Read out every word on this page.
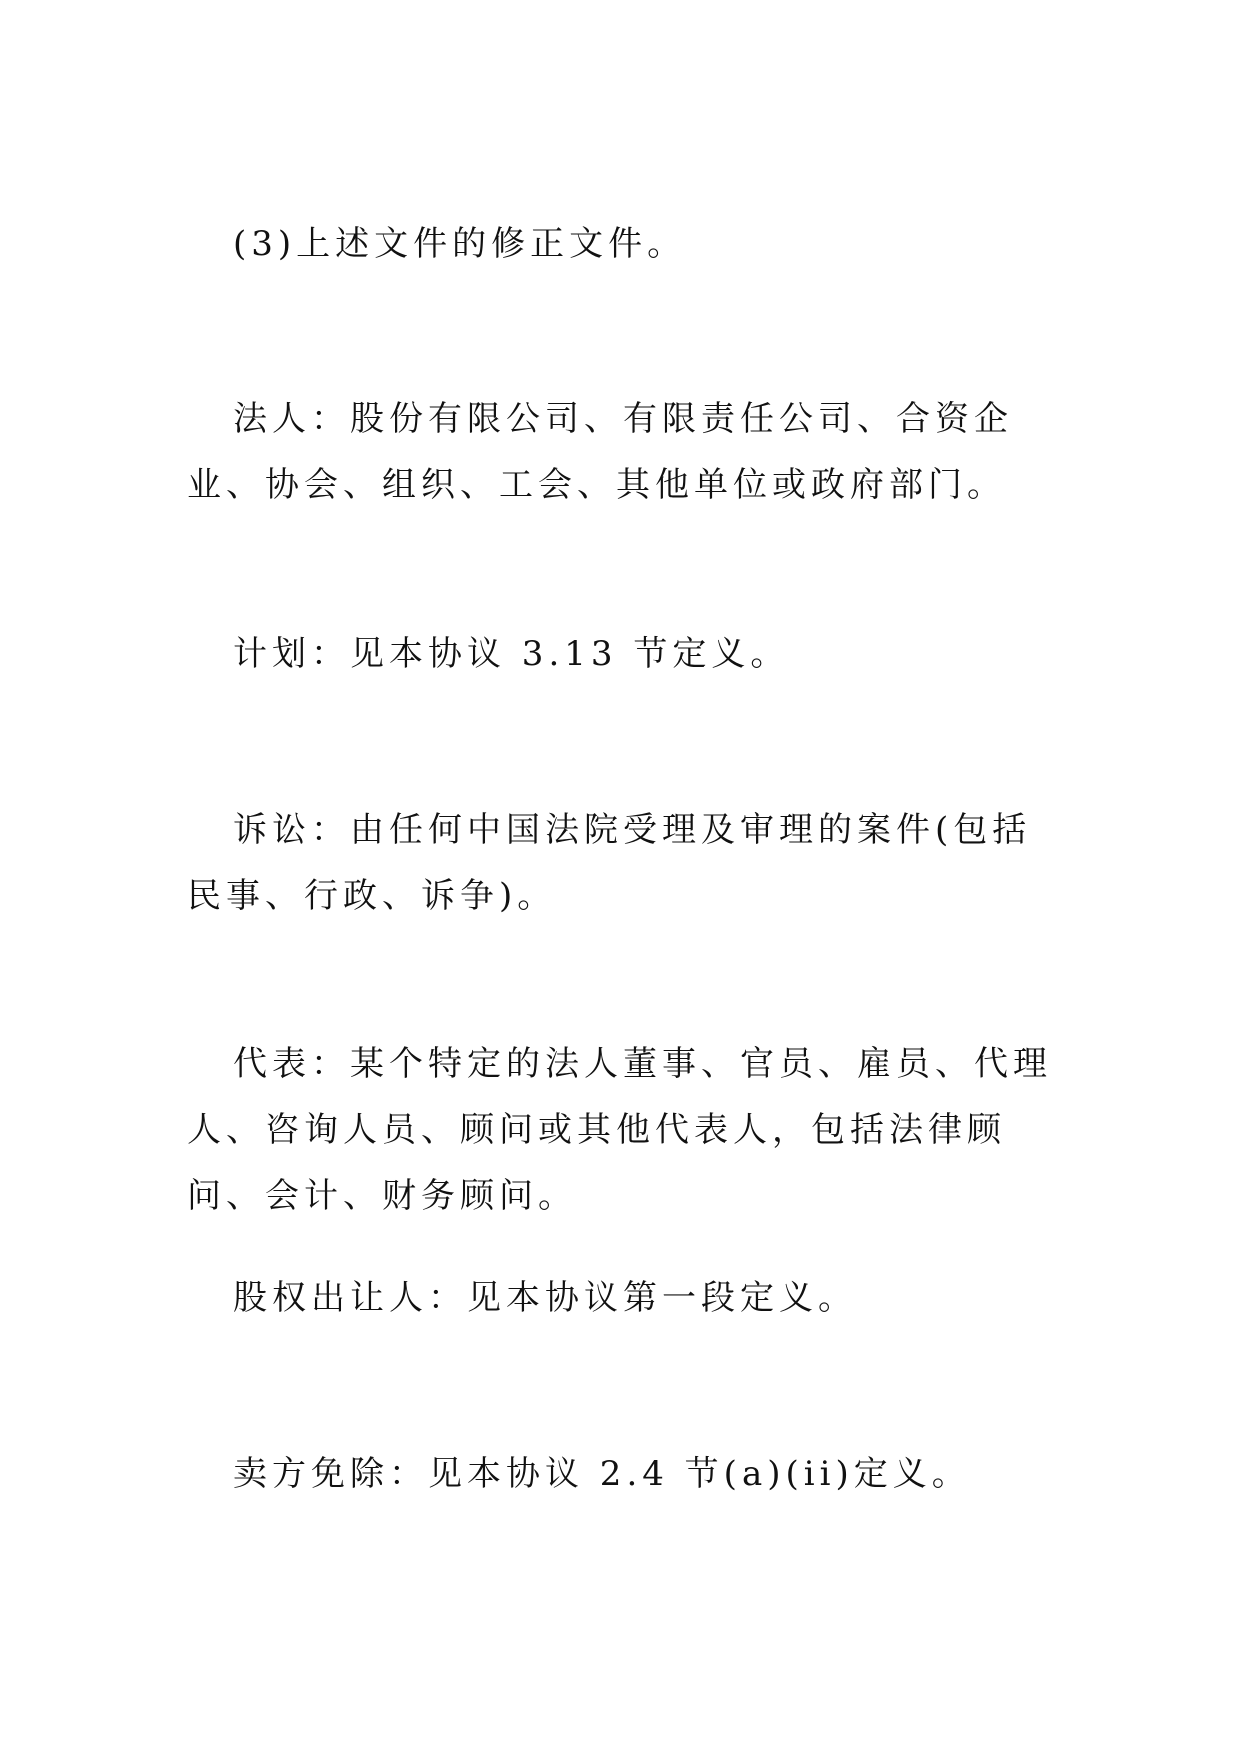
(3)上述文件的修正文件。

法人：股份有限公司、有限责任公司、合资企业、协会、组织、工会、其他单位或政府部门。

计划：见本协议 3.13 节定义。

诉讼：由任何中国法院受理及审理的案件(包括民事、行政、诉争)。

代表：某个特定的法人董事、官员、雇员、代理人、咨询人员、顾问或其他代表人，包括法律顾问、会计、财务顾问。

股权出让人：见本协议第一段定义。

卖方免除：见本协议 2.4 节(a)(ii)定义。
